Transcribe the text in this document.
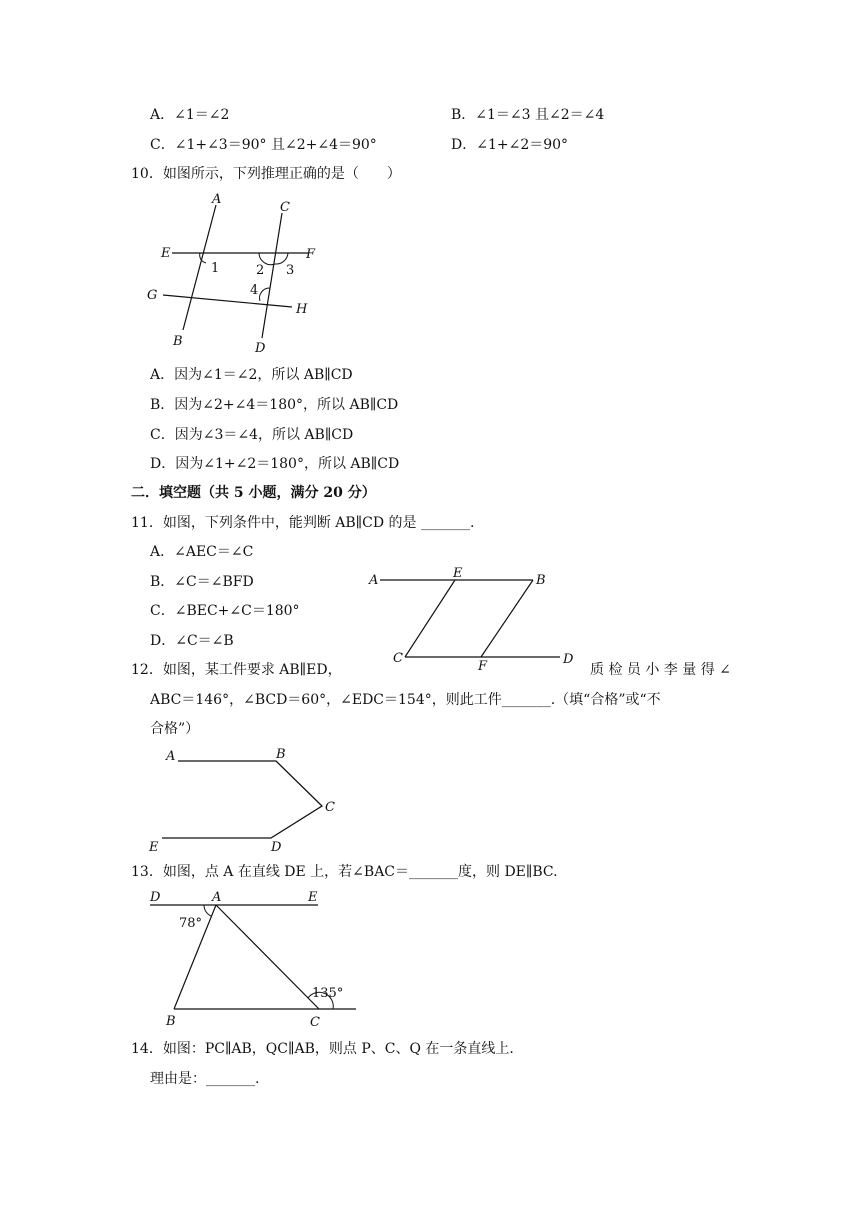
A．∠1＝∠2	B．∠1＝∠3 且∠2＝∠4
C．∠1+∠3＝90° 且∠2+∠4＝90°	D．∠1+∠2＝90°
10．如图所示，下列推理正确的是（　　）
A
C
E	F
1	2 3
4
G
H
B	D
A．因为∠1＝∠2，所以 AB∥CD
B．因为∠2+∠4＝180°，所以 AB∥CD
C．因为∠3＝∠4，所以 AB∥CD
D．因为∠1+∠2＝180°，所以 AB∥CD
二．填空题（共 5 小题，满分 20 分）
11．如图，下列条件中，能判断 AB∥CD 的是 _______.
A．∠AEC＝∠C
B．∠C＝∠BFD
C．∠BEC+∠C＝180°
D．∠C＝∠B
A	E	B
C
F	D
12．如图，某工件要求 AB∥ED，	质 检 员 小 李 量 得 ∠
ABC＝146°，∠BCD＝60°，∠EDC＝154°，则此工件_______.（填“合格”或“不
合格”）
A	B
C
D
E
13．如图，点 A 在直线 DE 上，若∠BAC＝_______度，则 DE∥BC.
D	A	E
78°
135°
B	C
14．如图：PC∥AB，QC∥AB，则点 P、C、Q 在一条直线上.
理由是：_______.
